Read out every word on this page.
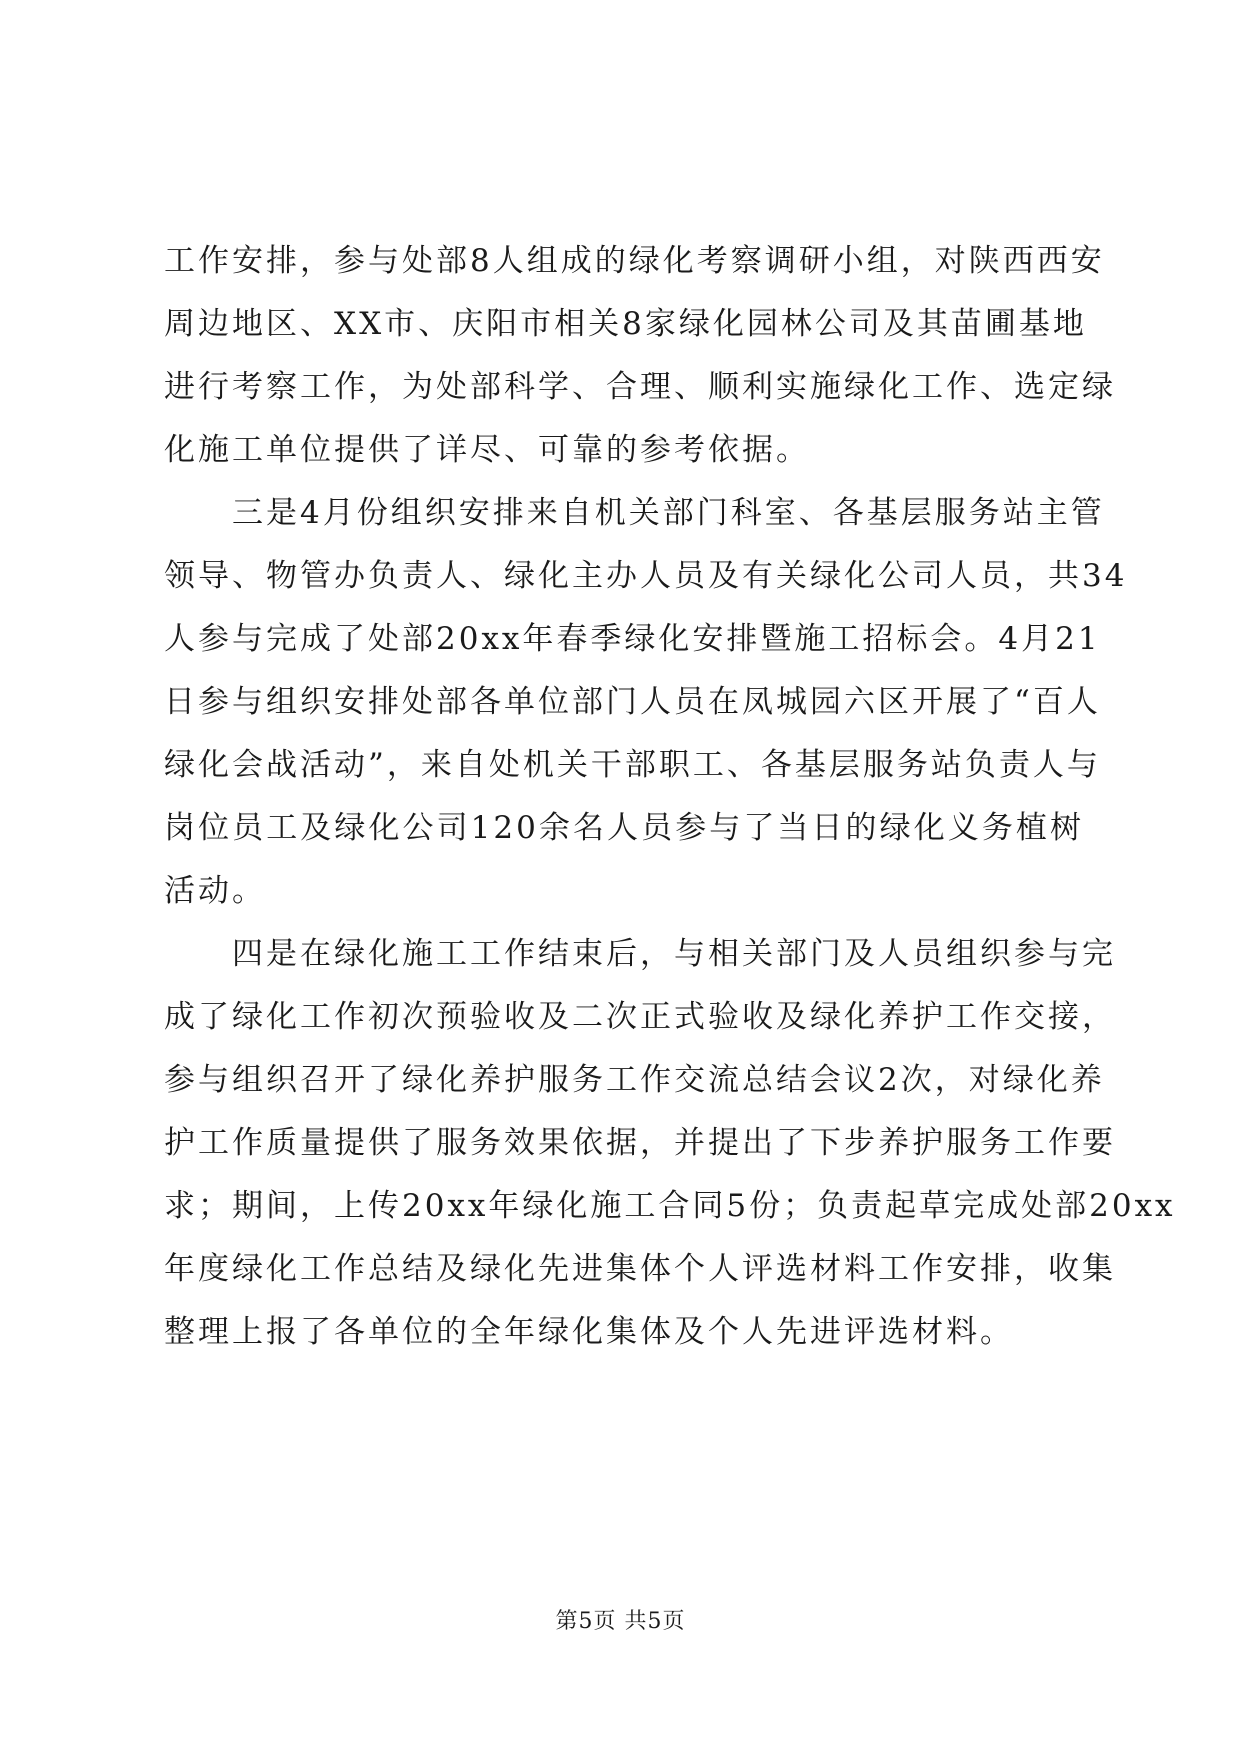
工作安排，参与处部8人组成的绿化考察调研小组，对陕西西安
周边地区、XX市、庆阳市相关8家绿化园林公司及其苗圃基地
进行考察工作，为处部科学、合理、顺利实施绿化工作、选定绿
化施工单位提供了详尽、可靠的参考依据。
三是4月份组织安排来自机关部门科室、各基层服务站主管
领导、物管办负责人、绿化主办人员及有关绿化公司人员，共34
人参与完成了处部20xx年春季绿化安排暨施工招标会。4月21
日参与组织安排处部各单位部门人员在凤城园六区开展了“百人
绿化会战活动”，来自处机关干部职工、各基层服务站负责人与
岗位员工及绿化公司120余名人员参与了当日的绿化义务植树
活动。
四是在绿化施工工作结束后，与相关部门及人员组织参与完
成了绿化工作初次预验收及二次正式验收及绿化养护工作交接，
参与组织召开了绿化养护服务工作交流总结会议2次，对绿化养
护工作质量提供了服务效果依据，并提出了下步养护服务工作要
求；期间，上传20xx年绿化施工合同5份；负责起草完成处部20xx
年度绿化工作总结及绿化先进集体个人评选材料工作安排，收集
整理上报了各单位的全年绿化集体及个人先进评选材料。
第5页 共5页
